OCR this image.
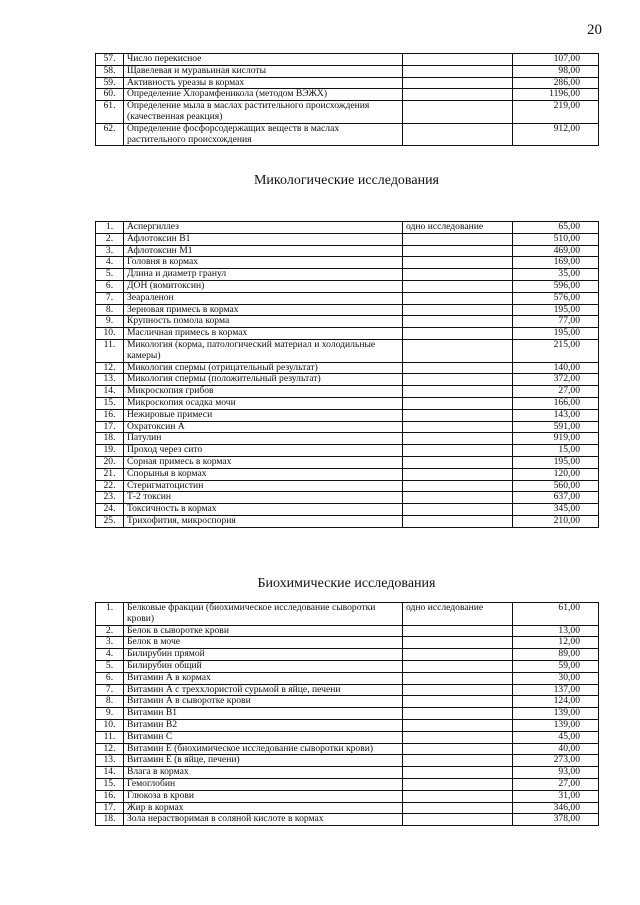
20
57.	Число перекисное		107,00
58.	Щавелевая и муравьиная кислоты		98,00
59.	Активность уреазы в кормах		286,00
60.	Определение Хлорамфеникола (методом ВЭЖХ)		1196,00
61.	Определение мыла в маслах растительного происхождения (качественная реакция)		219,00
62.	Определение фосфорсодержащих веществ в маслах растительного происхождения		912,00
Микологические исследования
1.	Аспергиллез	одно исследование	65,00
2.	Афлотоксин В1		510,00
3.	Афлотоксин М1		469,00
4.	Головня в кормах		169,00
5.	Длина и диаметр гранул		35,00
6.	ДОН (вомитоксин)		596,00
7.	Зеараленон		576,00
8.	Зерновая примесь в кормах		195,00
9.	Крупность помола корма		77,00
10.	Масличная примесь в кормах		195,00
11.	Микология (корма, патологический материал и холодильные камеры)		215,00
12.	Микология спермы (отрицательный результат)		140,00
13.	Микология спермы (положительный результат)		372,00
14.	Микроскопия грибов		27,00
15.	Микроскопия осадка мочи		166,00
16.	Нежировые примеси		143,00
17.	Охратоксин А		591,00
18.	Патулин		919,00
19.	Проход через сито		15,00
20.	Сорная примесь в кормах		195,00
21.	Спорынья в кормах		120,00
22.	Стеригматоцистин		560,00
23.	Т-2 токсин		637,00
24.	Токсичность в кормах		345,00
25.	Трихофития, микроспория		210,00
Биохимические исследования
1.	Белковые фракции (биохимическое исследование сыворотки крови)	одно исследование	61,00
2.	Белок в сыворотке крови		13,00
3.	Белок в моче		12,00
4.	Билирубин прямой		89,00
5.	Билирубин общий		59,00
6.	Витамин А в кормах		30,00
7.	Витамин А с треххлористой сурьмой в яйце, печени		137,00
8.	Витамин А в сыворотке крови		124,00
9.	Витамин В1		139,00
10.	Витамин В2		139,00
11.	Витамин С		45,00
12.	Витамин Е (биохимическое исследование сыворотки крови)		40,00
13.	Витамин Е (в яйце, печени)		273,00
14.	Влага в кормах		93,00
15.	Гемоглобин		27,00
16.	Глюкоза в крови		31,00
17.	Жир в кормах		346,00
18.	Зола нерастворимая в соляной кислоте в кормах		378,00
